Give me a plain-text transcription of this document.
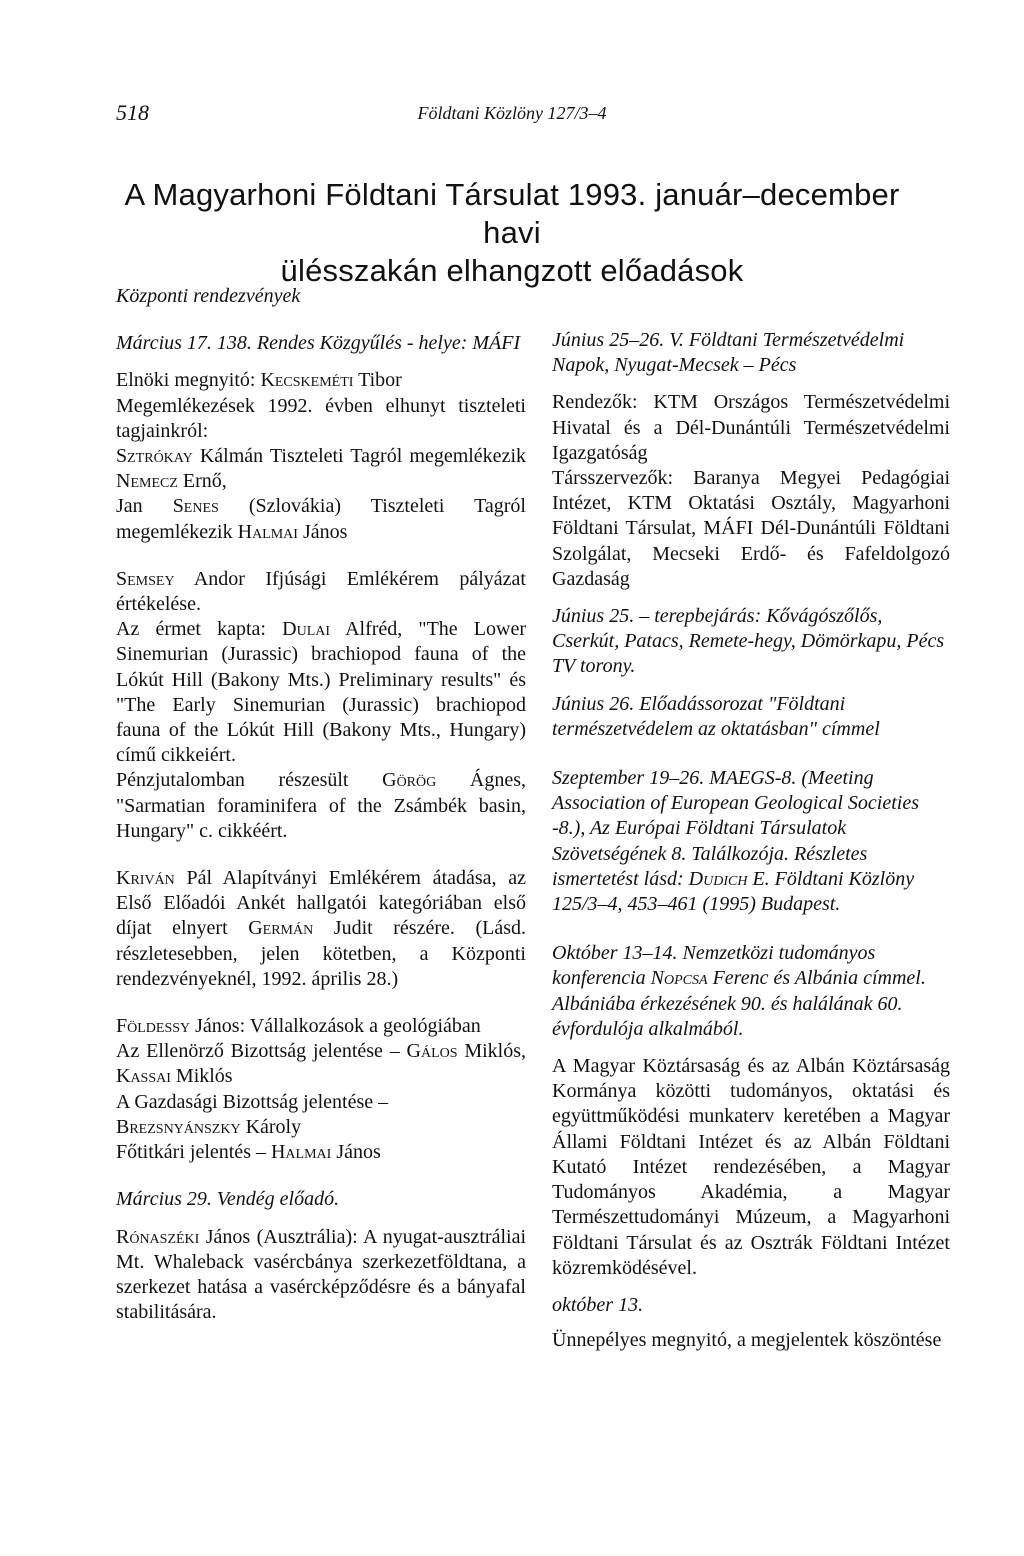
518	Földtani Közlöny 127/3–4
A Magyarhoni Földtani Társulat 1993. január–december havi
ülésszakán elhangzott előadások

Központi rendezvények

Március 17. 138. Rendes Közgyűlés - helye: MÁFI

Elnöki megnyitó: Kecskeméti Tibor

Megemlékezések 1992. évben elhunyt tiszteleti tagjainkról:

Sztrókay Kálmán Tiszteleti Tagról megemlékezik Nemecz Ernő,

Jan Senes (Szlovákia) Tiszteleti Tagról megemlékezik Halmai János

Semsey Andor Ifjúsági Emlékérem pályázat értékelése.

Az érmet kapta: Dulai Alfréd, "The Lower Sinemurian (Jurassic) brachiopod fauna of the Lókút Hill (Bakony Mts.) Preliminary results" és "The Early Sinemurian (Jurassic) brachiopod fauna of the Lókút Hill (Bakony Mts., Hungary) című cikkeiért.

Pénzjutalomban részesült Görög Ágnes, "Sarmatian foraminifera of the Zsámbék basin, Hungary" c. cikkéért.

Kriván Pál Alapítványi Emlékérem átadása, az Első Előadói Ankét hallgatói kategóriában első díjat elnyert Germán Judit részére. (Lásd. részletesebben, jelen kötetben, a Központi rendezvényeknél, 1992. április 28.)

Földessy János: Vállalkozások a geológiában

Az Ellenörző Bizottság jelentése – Gálos Miklós, Kassai Miklós

A Gazdasági Bizottság jelentése –
Brezsnyánszky Károly

Főtitkári jelentés – Halmai János

Március 29. Vendég előadó.

Rónaszéki János (Ausztrália): A nyugat-ausztráliai Mt. Whaleback vasércbánya szerkezetföldtana, a szerkezet hatása a vasércképződésre és a bányafal stabilitására.

Június 25–26. V. Földtani Természetvédelmi Napok, Nyugat-Mecsek – Pécs

Rendezők: KTM Országos Természetvédelmi Hivatal és a Dél-Dunántúli Természetvédelmi Igazgatóság

Társszervezők: Baranya Megyei Pedagógiai Intézet, KTM Oktatási Osztály, Magyarhoni Földtani Társulat, MÁFI Dél-Dunántúli Földtani Szolgálat, Mecseki Erdő- és Fafeldolgozó Gazdaság

Június 25. – terepbejárás: Kővágószőlős, Cserkút, Patacs, Remete-hegy, Dömörkapu, Pécs TV torony.

Június 26. Előadássorozat "Földtani természetvédelem az oktatásban" címmel

Szeptember 19–26. MAEGS-8. (Meeting Association of European Geological Societies -8.), Az Európai Földtani Társulatok Szövetségének 8. Találkozója. Részletes ismertetést lásd: Dudich E. Földtani Közlöny 125/3–4, 453–461 (1995) Budapest.

Október 13–14. Nemzetközi tudományos konferencia Nopcsa Ferenc és Albánia címmel. Albániába érkezésének 90. és halálának 60. évfordulója alkalmából.

A Magyar Köztársaság és az Albán Köztársaság Kormánya közötti tudományos, oktatási és együttműködési munkaterv keretében a Magyar Állami Földtani Intézet és az Albán Földtani Kutató Intézet rendezésében, a Magyar Tudományos Akadémia, a Magyar Természettudományi Múzeum, a Magyarhoni Földtani Társulat és az Osztrák Földtani Intézet közremködésével.

október 13.

Ünnepélyes megnyitó, a megjelentek köszöntése
